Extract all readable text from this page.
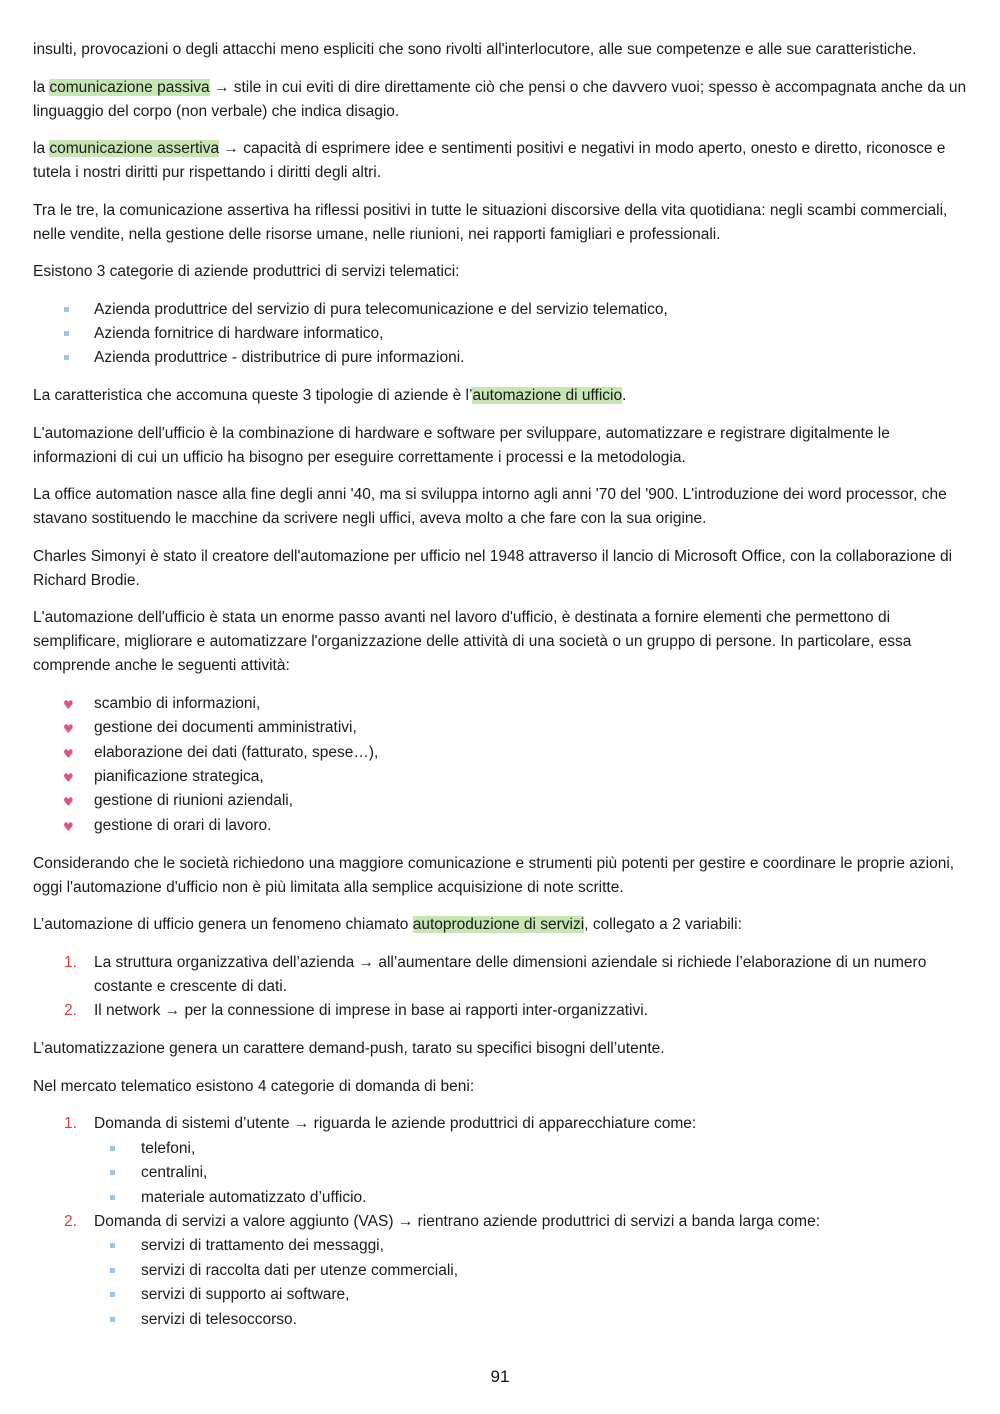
insulti, provocazioni o degli attacchi meno espliciti che sono rivolti all'interlocutore, alle sue competenze e alle sue caratteristiche.

la comunicazione passiva → stile in cui eviti di dire direttamente ciò che pensi o che davvero vuoi; spesso è accompagnata anche da un linguaggio del corpo (non verbale) che indica disagio.

la comunicazione assertiva → capacità di esprimere idee e sentimenti positivi e negativi in modo aperto, onesto e diretto, riconosce e tutela i nostri diritti pur rispettando i diritti degli altri.

Tra le tre, la comunicazione assertiva ha riflessi positivi in tutte le situazioni discorsive della vita quotidiana: negli scambi commerciali, nelle vendite, nella gestione delle risorse umane, nelle riunioni, nei rapporti famigliari e professionali.

Esistono 3 categorie di aziende produttrici di servizi telematici:

Azienda produttrice del servizio di pura telecomunicazione e del servizio telematico,
Azienda fornitrice di hardware informatico,
Azienda produttrice - distributrice di pure informazioni.

La caratteristica che accomuna queste 3 tipologie di aziende è l’automazione di ufficio.

L'automazione dell'ufficio è la combinazione di hardware e software per sviluppare, automatizzare e registrare digitalmente le informazioni di cui un ufficio ha bisogno per eseguire correttamente i processi e la metodologia.

La office automation nasce alla fine degli anni '40, ma si sviluppa intorno agli anni '70 del '900. L'introduzione dei word processor, che stavano sostituendo le macchine da scrivere negli uffici, aveva molto a che fare con la sua origine.

Charles Simonyi è stato il creatore dell'automazione per ufficio nel 1948 attraverso il lancio di Microsoft Office, con la collaborazione di Richard Brodie.

L'automazione dell'ufficio è stata un enorme passo avanti nel lavoro d'ufficio, è destinata a fornire elementi che permettono di semplificare, migliorare e automatizzare l'organizzazione delle attività di una società o un gruppo di persone. In particolare, essa comprende anche le seguenti attività:

♥ scambio di informazioni,
♥ gestione dei documenti amministrativi,
♥ elaborazione dei dati (fatturato, spese…),
♥ pianificazione strategica,
♥ gestione di riunioni aziendali,
♥ gestione di orari di lavoro.

Considerando che le società richiedono una maggiore comunicazione e strumenti più potenti per gestire e coordinare le proprie azioni, oggi l'automazione d'ufficio non è più limitata alla semplice acquisizione di note scritte.

L’automazione di ufficio genera un fenomeno chiamato autoproduzione di servizi, collegato a 2 variabili:

1. La struttura organizzativa dell’azienda → all’aumentare delle dimensioni aziendale si richiede l’elaborazione di un numero costante e crescente di dati.
2. Il network → per la connessione di imprese in base ai rapporti inter-organizzativi.

L’automatizzazione genera un carattere demand-push, tarato su specifici bisogni dell’utente.

Nel mercato telematico esistono 4 categorie di domanda di beni:

1. Domanda di sistemi d’utente → riguarda le aziende produttrici di apparecchiature come:
telefoni,
centralini,
materiale automatizzato d’ufficio.
2. Domanda di servizi a valore aggiunto (VAS) → rientrano aziende produttrici di servizi a banda larga come:
servizi di trattamento dei messaggi,
servizi di raccolta dati per utenze commerciali,
servizi di supporto ai software,
servizi di telesoccorso.
91
